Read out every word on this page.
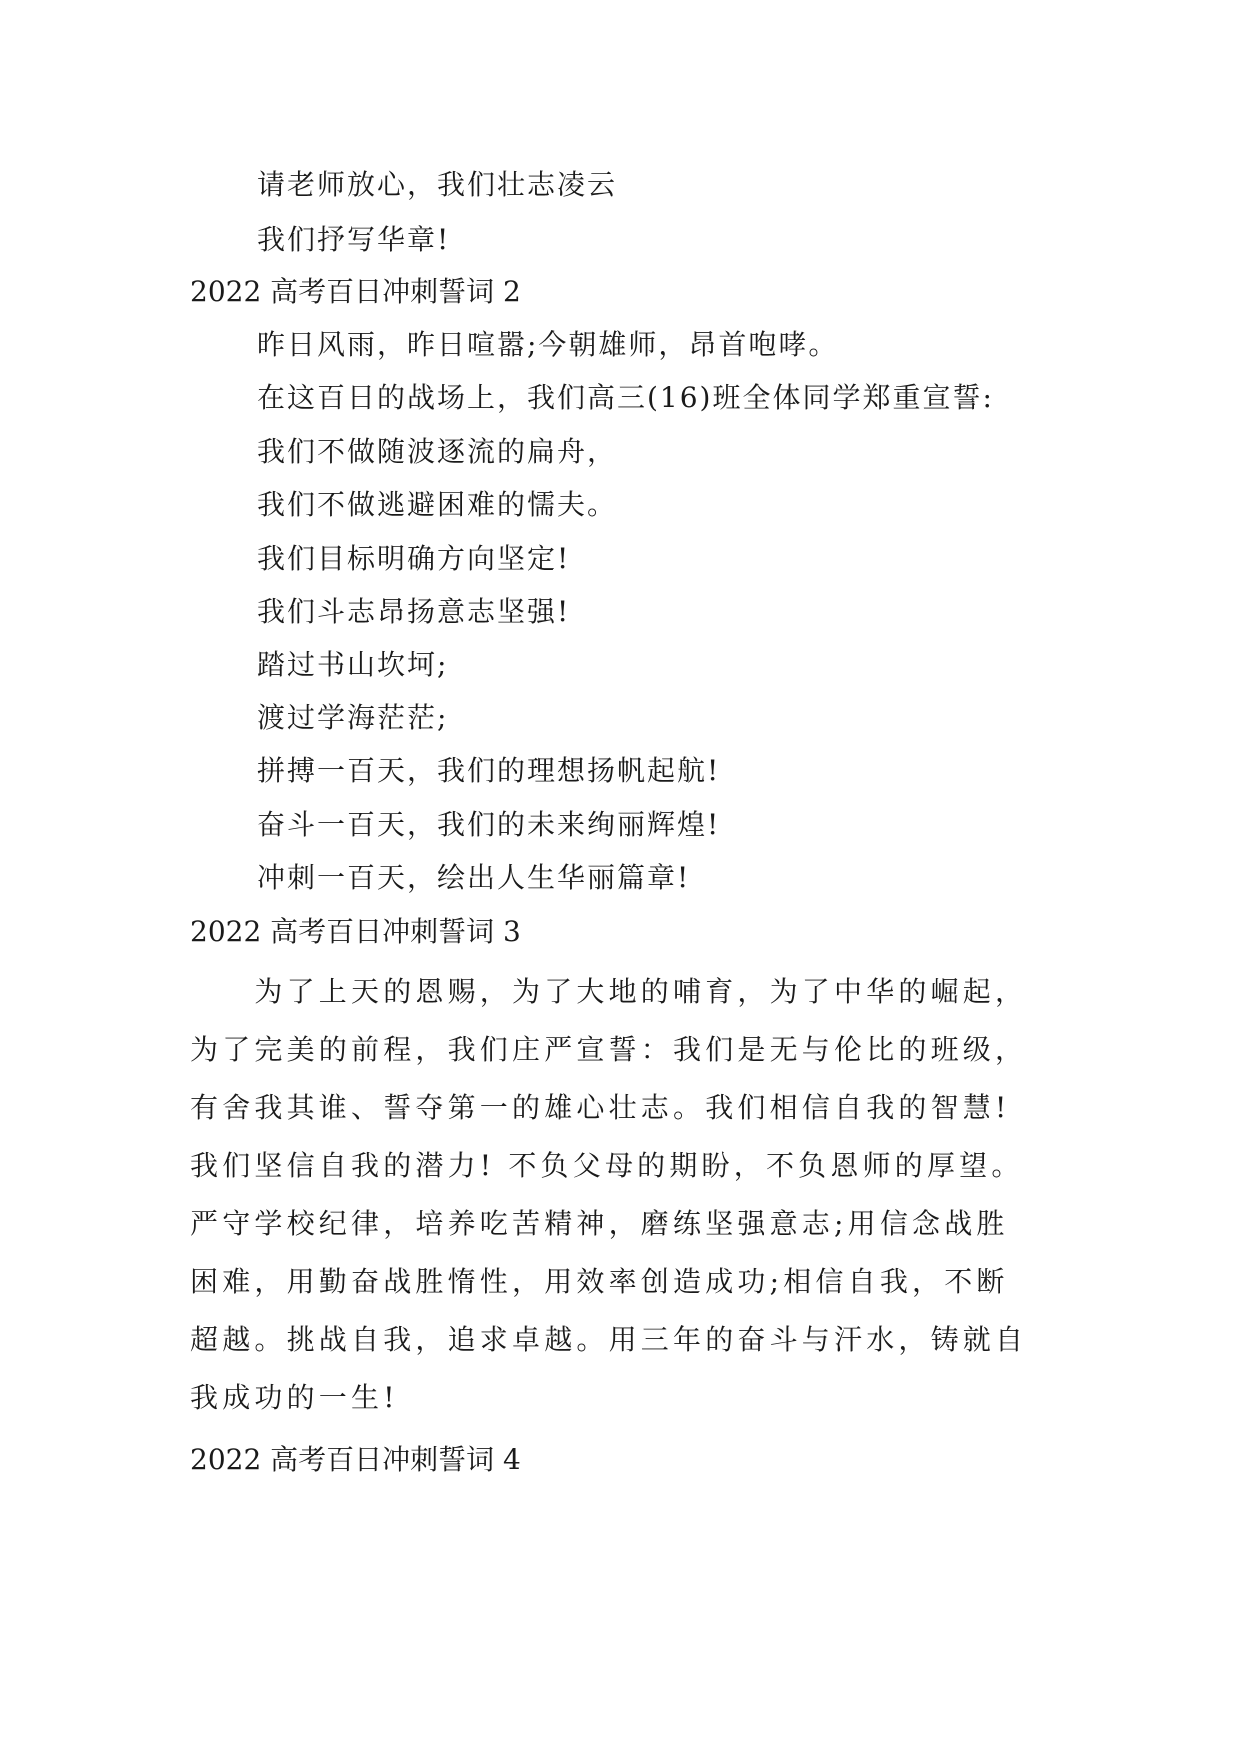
请老师放心，我们壮志凌云
我们抒写华章!
2022 高考百日冲刺誓词 2
昨日风雨，昨日喧嚣;今朝雄师，昂首咆哮。
在这百日的战场上，我们高三(16)班全体同学郑重宣誓:
我们不做随波逐流的扁舟，
我们不做逃避困难的懦夫。
我们目标明确方向坚定!
我们斗志昂扬意志坚强!
踏过书山坎坷;
渡过学海茫茫;
拼搏一百天，我们的理想扬帆起航!
奋斗一百天，我们的未来绚丽辉煌!
冲刺一百天，绘出人生华丽篇章!
2022 高考百日冲刺誓词 3
　　为了上天的恩赐，为了大地的哺育，为了中华的崛起，
为了完美的前程，我们庄严宣誓：我们是无与伦比的班级，
有舍我其谁、誓夺第一的雄心壮志。我们相信自我的智慧!
我们坚信自我的潜力! 不负父母的期盼，不负恩师的厚望。
严守学校纪律，培养吃苦精神，磨练坚强意志;用信念战胜
困难，用勤奋战胜惰性，用效率创造成功;相信自我，不断
超越。挑战自我，追求卓越。用三年的奋斗与汗水，铸就自
我成功的一生!
2022 高考百日冲刺誓词 4
